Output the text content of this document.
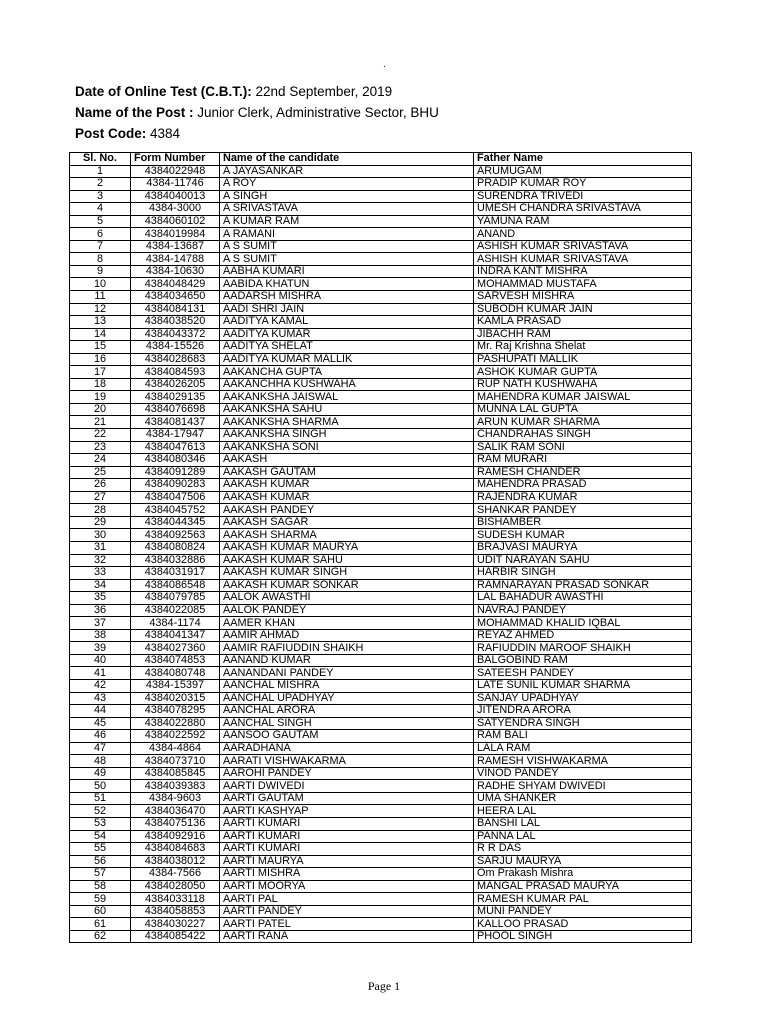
.
Date of Online Test (C.B.T.): 22nd September, 2019
Name of the Post : Junior Clerk, Administrative Sector, BHU
Post Code: 4384
Sl. No.	Form Number	Name of the candidate	Father Name
1	4384022948	A JAYASANKAR	ARUMUGAM
2	4384-11746	A ROY	PRADIP KUMAR ROY
3	4384040013	A SINGH	SURENDRA TRIVEDI
4	4384-3000	A SRIVASTAVA	UMESH CHANDRA SRIVASTAVA
5	4384060102	A KUMAR RAM	YAMUNA RAM
6	4384019984	A RAMANI	ANAND
7	4384-13687	A S SUMIT	ASHISH KUMAR SRIVASTAVA
8	4384-14788	A S SUMIT	ASHISH KUMAR SRIVASTAVA
9	4384-10630	AABHA KUMARI	INDRA KANT MISHRA
10	4384048429	AABIDA KHATUN	MOHAMMAD MUSTAFA
11	4384034650	AADARSH MISHRA	SARVESH MISHRA
12	4384084131	AADI SHRI JAIN	SUBODH KUMAR JAIN
13	4384038520	AADITYA KAMAL	KAMLA PRASAD
14	4384043372	AADITYA KUMAR	JIBACHH RAM
15	4384-15526	AADITYA SHELAT	Mr. Raj Krishna Shelat
16	4384028683	AADITYA KUMAR MALLIK	PASHUPATI MALLIK
17	4384084593	AAKANCHA GUPTA	ASHOK KUMAR GUPTA
18	4384026205	AAKANCHHA KUSHWAHA	RUP NATH KUSHWAHA
19	4384029135	AAKANKSHA JAISWAL	MAHENDRA KUMAR JAISWAL
20	4384076698	AAKANKSHA SAHU	MUNNA LAL GUPTA
21	4384081437	AAKANKSHA SHARMA	ARUN KUMAR SHARMA
22	4384-17947	AAKANKSHA SINGH	CHANDRAHAS SINGH
23	4384047613	AAKANKSHA SONI	SALIK RAM SONI
24	4384080346	AAKASH	RAM MURARI
25	4384091289	AAKASH GAUTAM	RAMESH CHANDER
26	4384090283	AAKASH KUMAR	MAHENDRA PRASAD
27	4384047506	AAKASH KUMAR	RAJENDRA KUMAR
28	4384045752	AAKASH PANDEY	SHANKAR PANDEY
29	4384044345	AAKASH SAGAR	BISHAMBER
30	4384092563	AAKASH SHARMA	SUDESH KUMAR
31	4384080824	AAKASH KUMAR MAURYA	BRAJVASI MAURYA
32	4384032886	AAKASH KUMAR SAHU	UDIT NARAYAN SAHU
33	4384031917	AAKASH KUMAR SINGH	HARBIR SINGH
34	4384086548	AAKASH KUMAR SONKAR	RAMNARAYAN PRASAD SONKAR
35	4384079785	AALOK AWASTHI	LAL BAHADUR AWASTHI
36	4384022085	AALOK PANDEY	NAVRAJ PANDEY
37	4384-1174	AAMER KHAN	MOHAMMAD KHALID IQBAL
38	4384041347	AAMIR AHMAD	REYAZ AHMED
39	4384027360	AAMIR RAFIUDDIN SHAIKH	RAFIUDDIN MAROOF SHAIKH
40	4384074853	AANAND KUMAR	BALGOBIND RAM
41	4384080748	AANANDANI PANDEY	SATEESH PANDEY
42	4384-15397	AANCHAL MISHRA	LATE SUNIL KUMAR SHARMA
43	4384020315	AANCHAL UPADHYAY	SANJAY UPADHYAY
44	4384078295	AANCHAL ARORA	JITENDRA ARORA
45	4384022880	AANCHAL SINGH	SATYENDRA SINGH
46	4384022592	AANSOO GAUTAM	RAM BALI
47	4384-4864	AARADHANA	LALA RAM
48	4384073710	AARATI VISHWAKARMA	RAMESH VISHWAKARMA
49	4384085845	AAROHI PANDEY	VINOD PANDEY
50	4384039383	AARTI DWIVEDI	RADHE SHYAM DWIVEDI
51	4384-9603	AARTI GAUTAM	UMA SHANKER
52	4384036470	AARTI KASHYAP	HEERA LAL
53	4384075136	AARTI KUMARI	BANSHI LAL
54	4384092916	AARTI KUMARI	PANNA LAL
55	4384084683	AARTI KUMARI	R R DAS
56	4384038012	AARTI MAURYA	SARJU MAURYA
57	4384-7566	AARTI MISHRA	Om Prakash Mishra
58	4384028050	AARTI MOORYA	MANGAL PRASAD MAURYA
59	4384033118	AARTI PAL	RAMESH KUMAR PAL
60	4384058853	AARTI PANDEY	MUNI PANDEY
61	4384030227	AARTI PATEL	KALLOO PRASAD
62	4384085422	AARTI RANA	PHOOL SINGH
Page 1
